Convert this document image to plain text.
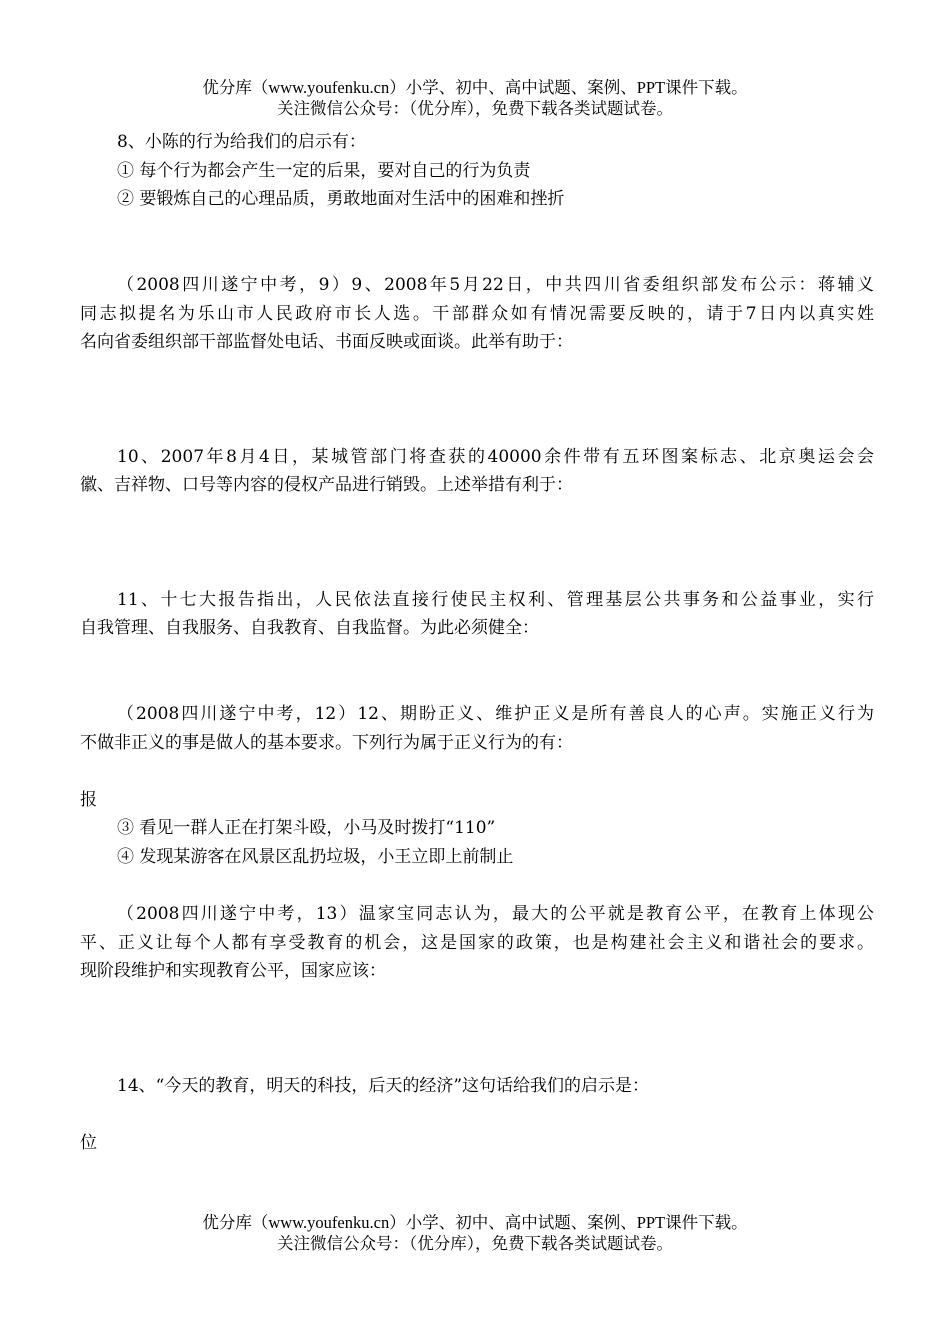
优分库（www.youfenku.cn）小学、初中、高中试题、案例、PPT课件下载。
关注微信公众号：（优分库），免费下载各类试题试卷。
8、小陈的行为给我们的启示有：
① 每个行为都会产生一定的后果，要对自己的行为负责
② 要锻炼自己的心理品质，勇敢地面对生活中的困难和挫折
（2008四川遂宁中考，9）9、2008年5月22日，中共四川省委组织部发布公示：蒋辅义
同志拟提名为乐山市人民政府市长人选。干部群众如有情况需要反映的，请于7日内以真实姓
名向省委组织部干部监督处电话、书面反映或面谈。此举有助于：
10、2007年8月4日，某城管部门将查获的40000余件带有五环图案标志、北京奥运会会
徽、吉祥物、口号等内容的侵权产品进行销毁。上述举措有利于：
11、十七大报告指出，人民依法直接行使民主权利、管理基层公共事务和公益事业，实行
自我管理、自我服务、自我教育、自我监督。为此必须健全：
（2008四川遂宁中考，12）12、期盼正义、维护正义是所有善良人的心声。实施正义行为
不做非正义的事是做人的基本要求。下列行为属于正义行为的有：
报
③ 看见一群人正在打架斗殴，小马及时拨打“110”
④ 发现某游客在风景区乱扔垃圾，小王立即上前制止
（2008四川遂宁中考，13）温家宝同志认为，最大的公平就是教育公平，在教育上体现公
平、正义让每个人都有享受教育的机会，这是国家的政策，也是构建社会主义和谐社会的要求。
现阶段维护和实现教育公平，国家应该：
14、“今天的教育，明天的科技，后天的经济”这句话给我们的启示是：
位
优分库（www.youfenku.cn）小学、初中、高中试题、案例、PPT课件下载。
关注微信公众号：（优分库），免费下载各类试题试卷。
